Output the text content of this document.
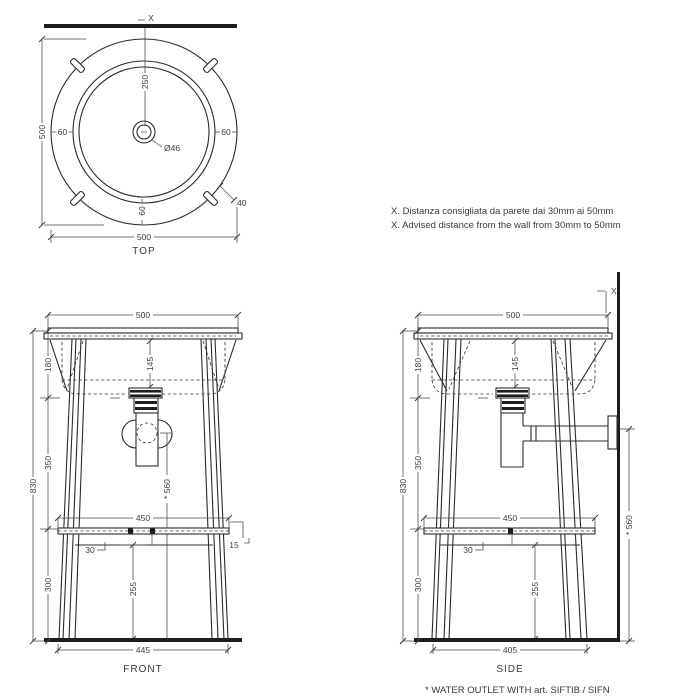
X
250
60	60
60
Ø46
40
500
500
TOP
X. Distanza consigliata da parete dai 30mm ai 50mm
X. Advised distance from the wall from 30mm to 50mm
500
145
* 560
450
30	15
255
445
180
350
300
830
FRONT
X
500
145
* 560
450
30
255
405
180
350
300
830
SIDE
* WATER OUTLET WITH art. SIFTIB / SIFN
